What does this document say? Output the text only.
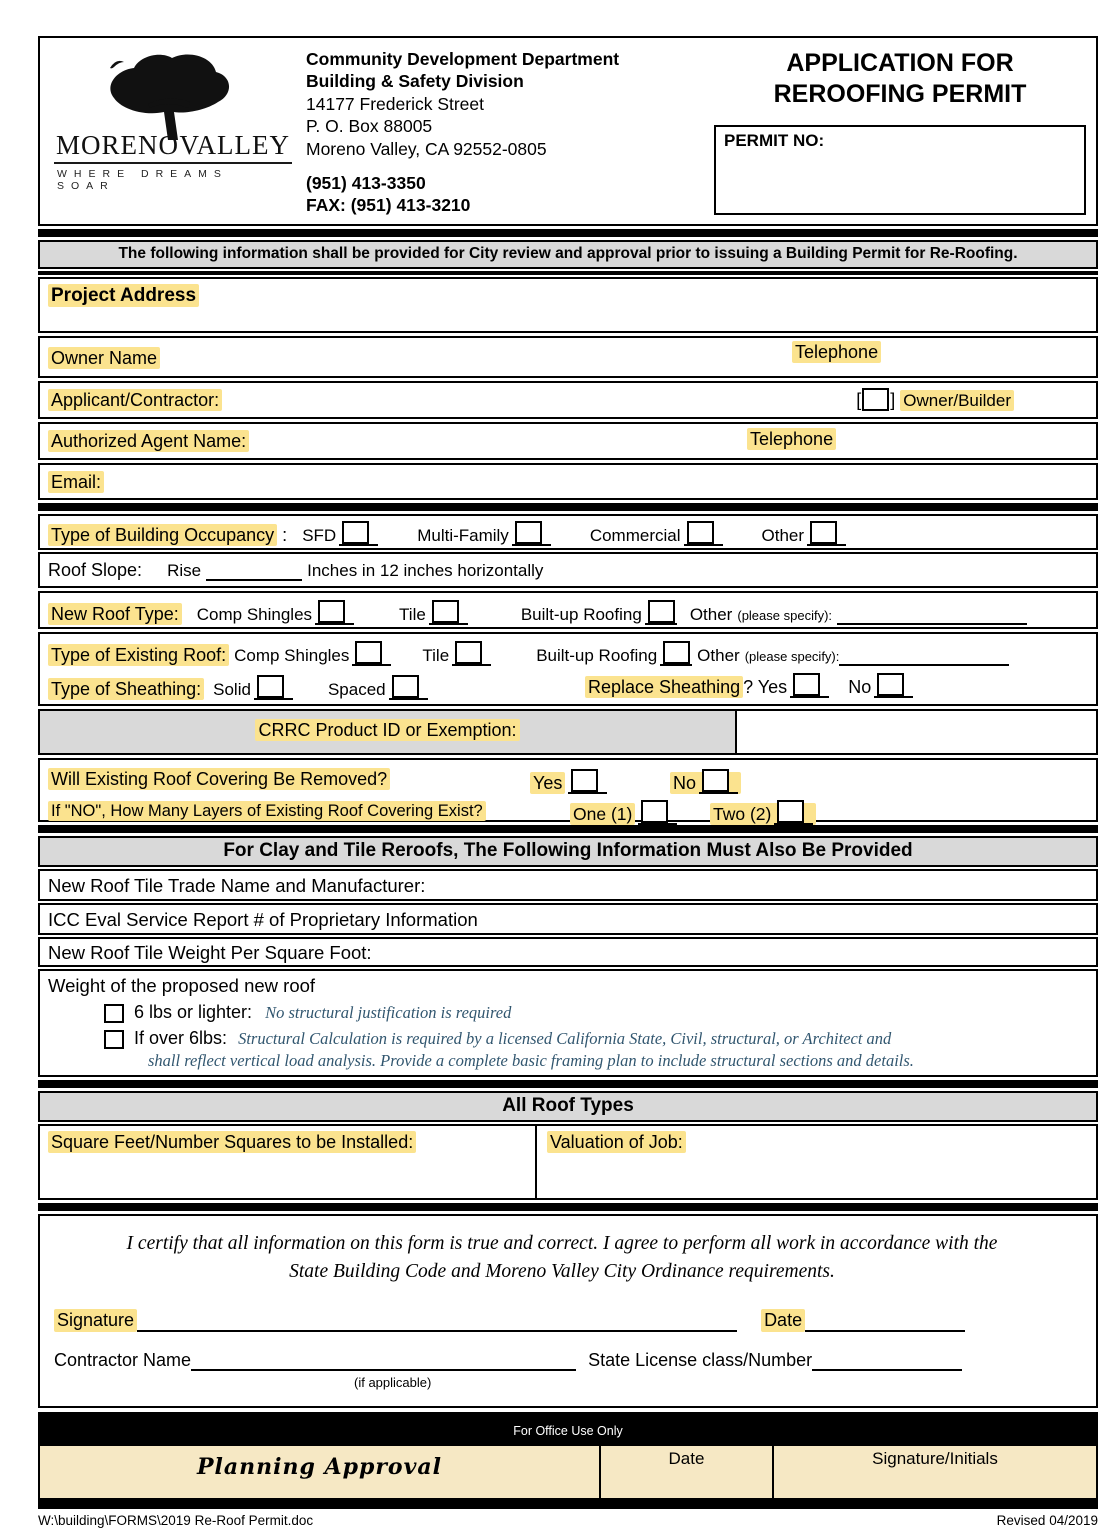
MORENO VALLEY
WHERE DREAMS SOAR
Community Development Department
Building & Safety Division
14177 Frederick Street
P. O. Box 88005
Moreno Valley, CA 92552-0805
(951) 413-3350
FAX: (951) 413-3210
APPLICATION FOR
REROOFING PERMIT
PERMIT NO:
The following information shall be provided for City review and approval prior to issuing a Building Permit for Re-Roofing.
Project Address
Owner Name	Telephone
Applicant/Contractor:	[ ] Owner/Builder
Authorized Agent Name:	Telephone
Email:
Type of Building Occupancy : SFD	Multi-Family	Commercial	Other
Roof Slope: Rise	Inches in 12 inches horizontally
New Roof Type: Comp Shingles	Tile	Built-up Roofing	Other (please specify):
Type of Existing Roof: Comp Shingles	Tile	Built-up Roofing Other (please specify):
Type of Sheathing: Solid	Spaced	Replace Sheathing ? Yes	No
CRRC Product ID or Exemption:
Will Existing Roof Covering Be Removed?	Yes	No
If "NO", How Many Layers of Existing Roof Covering Exist?	One (1)	Two (2)
For Clay and Tile Reroofs, The Following Information Must Also Be Provided
New Roof Tile Trade Name and Manufacturer:
ICC Eval Service Report # of Proprietary Information
New Roof Tile Weight Per Square Foot:
Weight of the proposed new roof
6 lbs or lighter: No structural justification is required
If over 6lbs: Structural Calculation is required by a licensed California State, Civil, structural, or Architect and
shall reflect vertical load analysis. Provide a complete basic framing plan to include structural sections and details.
All Roof Types
Square Feet/Number Squares to be Installed:	Valuation of Job:
I certify that all information on this form is true and correct. I agree to perform all work in accordance with the
State Building Code and Moreno Valley City Ordinance requirements.
Signature	Date
Contractor Name	State License class/Number
(if applicable)
For Office Use Only
Planning Approval	Date	Signature/Initials
W:\building\FORMS\2019 Re-Roof Permit.doc	Revised 04/2019
